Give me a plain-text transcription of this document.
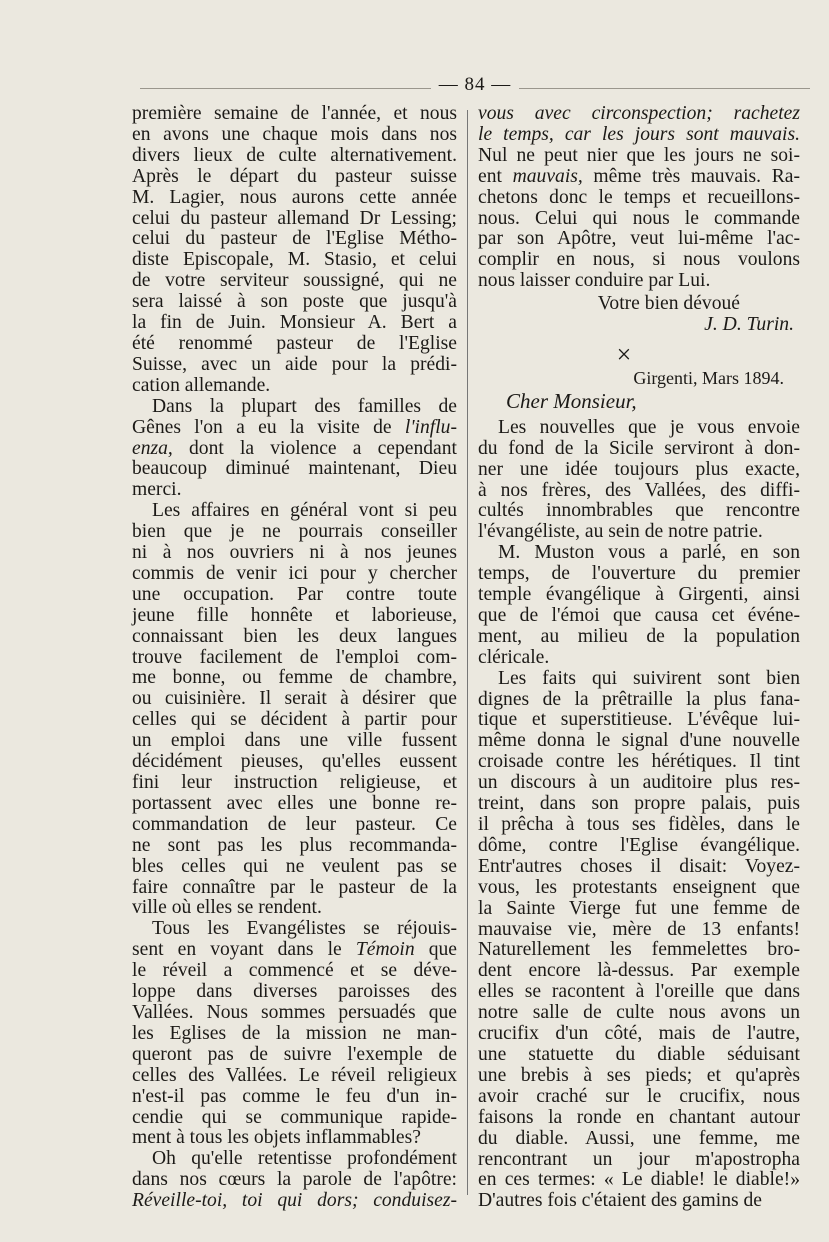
— 84 —

première semaine de l'année, et nous
en avons une chaque mois dans nos
divers lieux de culte alternativement.
Après le départ du pasteur suisse
M. Lagier, nous aurons cette année
celui du pasteur allemand Dr Lessing;
celui du pasteur de l'Eglise Métho-
diste Episcopale, M. Stasio, et celui
de votre serviteur soussigné, qui ne
sera laissé à son poste que jusqu'à
la fin de Juin. Monsieur A. Bert a
été renommé pasteur de l'Eglise
Suisse, avec un aide pour la prédi-
cation allemande.

Dans la plupart des familles de
Gênes l'on a eu la visite de l'influ-
enza, dont la violence a cependant
beaucoup diminué maintenant, Dieu
merci.

Les affaires en général vont si peu
bien que je ne pourrais conseiller
ni à nos ouvriers ni à nos jeunes
commis de venir ici pour y chercher
une occupation. Par contre toute
jeune fille honnête et laborieuse,
connaissant bien les deux langues
trouve facilement de l'emploi com-
me bonne, ou femme de chambre,
ou cuisinière. Il serait à désirer que
celles qui se décident à partir pour
un emploi dans une ville fussent
décidément pieuses, qu'elles eussent
fini leur instruction religieuse, et
portassent avec elles une bonne re-
commandation de leur pasteur. Ce
ne sont pas les plus recommanda-
bles celles qui ne veulent pas se
faire connaître par le pasteur de la
ville où elles se rendent.

Tous les Evangélistes se réjouis-
sent en voyant dans le Témoin que
le réveil a commencé et se déve-
loppe dans diverses paroisses des
Vallées. Nous sommes persuadés que
les Eglises de la mission ne man-
queront pas de suivre l'exemple de
celles des Vallées. Le réveil religieux
n'est-il pas comme le feu d'un in-
cendie qui se communique rapide-
ment à tous les objets inflammables?

Oh qu'elle retentisse profondément
dans nos cœurs la parole de l'apôtre:
Réveille-toi, toi qui dors; conduisez-

vous avec circonspection; rachetez
le temps, car les jours sont mauvais.
Nul ne peut nier que les jours ne soi-
ent mauvais, même très mauvais. Ra-
chetons donc le temps et recueillons-
nous. Celui qui nous le commande
par son Apôtre, veut lui-même l'ac-
complir en nous, si nous voulons
nous laisser conduire par Lui.

Votre bien dévoué
J. D. Turin.
×
Girgenti, Mars 1894.
Cher Monsieur,

Les nouvelles que je vous envoie
du fond de la Sicile serviront à don-
ner une idée toujours plus exacte,
à nos frères, des Vallées, des diffi-
cultés innombrables que rencontre
l'évangéliste, au sein de notre patrie.

M. Muston vous a parlé, en son
temps, de l'ouverture du premier
temple évangélique à Girgenti, ainsi
que de l'émoi que causa cet événe-
ment, au milieu de la population
cléricale.

Les faits qui suivirent sont bien
dignes de la prêtraille la plus fana-
tique et superstitieuse. L'évêque lui-
même donna le signal d'une nouvelle
croisade contre les hérétiques. Il tint
un discours à un auditoire plus res-
treint, dans son propre palais, puis
il prêcha à tous ses fidèles, dans le
dôme, contre l'Eglise évangélique.
Entr'autres choses il disait: Voyez-
vous, les protestants enseignent que
la Sainte Vierge fut une femme de
mauvaise vie, mère de 13 enfants!
Naturellement les femmelettes bro-
dent encore là-dessus. Par exemple
elles se racontent à l'oreille que dans
notre salle de culte nous avons un
crucifix d'un côté, mais de l'autre,
une statuette du diable séduisant
une brebis à ses pieds; et qu'après
avoir craché sur le crucifix, nous
faisons la ronde en chantant autour
du diable. Aussi, une femme, me
rencontrant un jour m'apostropha
en ces termes: « Le diable! le diable!»
D'autres fois c'étaient des gamins de
